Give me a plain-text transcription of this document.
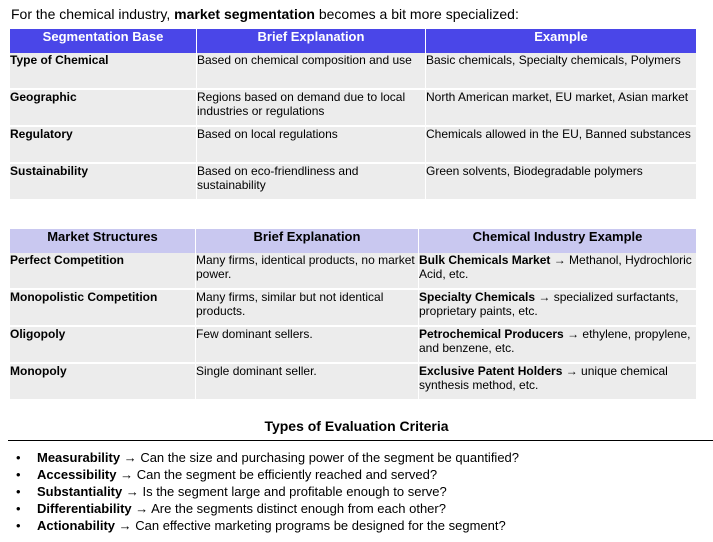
For the chemical industry, market segmentation becomes a bit more specialized:
Segmentation Base	Brief Explanation	Example
Type of Chemical	Based on chemical composition and use	Basic chemicals, Specialty chemicals, Polymers
Geographic	Regions based on demand due to local industries or regulations	North American market, EU market, Asian market
Regulatory	Based on local regulations	Chemicals allowed in the EU, Banned substances
Sustainability	Based on eco-friendliness and sustainability	Green solvents, Biodegradable polymers
Market Structures	Brief Explanation	Chemical Industry Example
Perfect Competition	Many firms, identical products, no market power.	Bulk Chemicals Market → Methanol, Hydrochloric Acid, etc.
Monopolistic Competition	Many firms, similar but not identical products.	Specialty Chemicals → specialized surfactants, proprietary paints, etc.
Oligopoly	Few dominant sellers.	Petrochemical Producers → ethylene, propylene, and benzene, etc.
Monopoly	Single dominant seller.	Exclusive Patent Holders → unique chemical synthesis method, etc.
Types of Evaluation Criteria
• Measurability → Can the size and purchasing power of the segment be quantified?
• Accessibility → Can the segment be efficiently reached and served?
• Substantiality → Is the segment large and profitable enough to serve?
• Differentiability → Are the segments distinct enough from each other?
• Actionability → Can effective marketing programs be designed for the segment?
